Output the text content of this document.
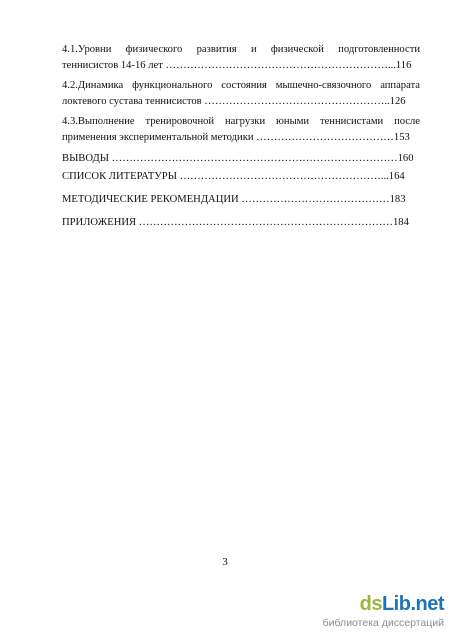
4.1.Уровни физического развития и физической подготовленности
теннисистов 14-16 лет ………………………………………………………...116
4.2.Динамика функционального состояния мышечно-связочного аппарата
локтевого сустава теннисистов ……………………………………………..126
4.3.Выполнение тренировочной нагрузки юными теннисистами после
применения экспериментальной методики …………………………………153
ВЫВОДЫ ………………………………………………………………………160
СПИСОК ЛИТЕРАТУРЫ …………………………………………………...164
МЕТОДИЧЕСКИЕ РЕКОМЕНДАЦИИ ……………………………………183
ПРИЛОЖЕНИЯ ………………………………………………………………184
3
dsLib.net
библиотека диссертаций
